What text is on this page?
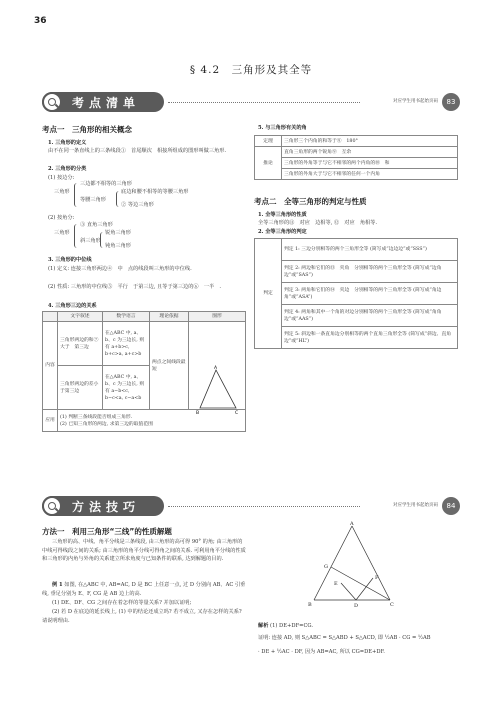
36
§ 4.2　三角形及其全等
考点清单	对应学生用书起始页码	83
考点一　三角形的相关概念
1. 三角形的定义
由不在同一条直线上的三条线段①　首尾顺次　相接所组成的图形叫做三角形.
2. 三角形的分类
(1) 按边分:
三角形
三边都不相等的三角形
等腰三角形
底边和腰不相等的等腰三角形
② 等边三角形
(2) 按角分:
三角形
③ 直角三角形
斜三角形
锐角三角形
钝角三角形
3. 三角形的中位线
(1) 定义: 连接三角形两边④　中　点的线段叫三角形的中位线.
(2) 性质: 三角形的中位线⑤　平行　于第三边, 且等于第三边的⑥　一半　.
4. 三角形三边的关系
	文字叙述	数学语言	理论依据	图形
内容	三角形两边的和⑦　大于　第三边	在△ABC 中, a、b、c 为三边长, 则有 a+b>c, b+c>a, a+c>b	两点之间线段最短	
	三角形两边的差小于第三边	在△ABC 中, a、b、c 为三边长, 则有 a−b<c, b−c<a, c−a<b		
应用	(1) 判断三条线段能否组成三角形.
(2) 已知三角形的两边, 求第三边的取值范围			
A
B	C
5. 与三角形有关的角
定理	三角形三个内角的和等于⑧　180°
推论	直角三角形的两个锐角⑨　互余
	三角形的外角等于与它不相邻的两个内角的⑩　和
	三角形的外角大于与它不相邻的任何一个内角
考点二　全等三角形的判定与性质
1. 全等三角形的性质
全等三角形的⑪　对应　边相等, ⑫　对应　角相等.
2. 全等三角形的判定
判定	判定 1: 三边分别相等的两个三角形全等 (简写成“边边边”或“SSS”)
判定 2: 两边和它们的⑬　夹角　分别相等的两个三角形全等 (简写成“边角边”或“SAS”)
判定 3: 两角和它们的⑭　夹边　分别相等的两个三角形全等 (简写成“角边角”或“ASA”)
判定 4: 两角和其中一个角的对边分别相等的两个三角形全等 (简写成“角角边”或“AAS”)
判定 5: 斜边和一条直角边分别相等的两个直角三角形全等 (简写成“斜边、直角边”或“HL”)
方法技巧	对应学生用书起始页码	84
方法一　利用三角形“三线”的性质解题
三角形的高、中线、角平分线是三条线段, 由三角形的高可得 90° 的角; 由三角形的中线可得线段之间的关系; 由三角形的角平分线可得角之间的关系. 可利用角平分线的性质和三角形的内角与外角的关系建立所求角度与已知条件的联系, 达到解题的目的.
例 1 如图, 在△ABC 中, AB=AC, D 是 BC 上任意一点, 过 D 分别向 AB、AC 引垂线, 垂足分别为 E、F, CG 是 AB 边上的高.
(1) DE、DF、CG 之间存在着怎样的等量关系? 并加以证明;
(2) 若 D 在底边的延长线上, (1) 中的结论还成立吗? 若不成立, 又存在怎样的关系? 请说明理由.
A
G
E
F
B	D	C
解析 (1) DE+DF=CG.
证明: 连接 AD, 则 S△ABC = S△ABD + S△ACD, 即 ½AB · CG = ½AB
· DE + ½AC · DF, 因为 AB=AC, 所以 CG=DE+DF.
